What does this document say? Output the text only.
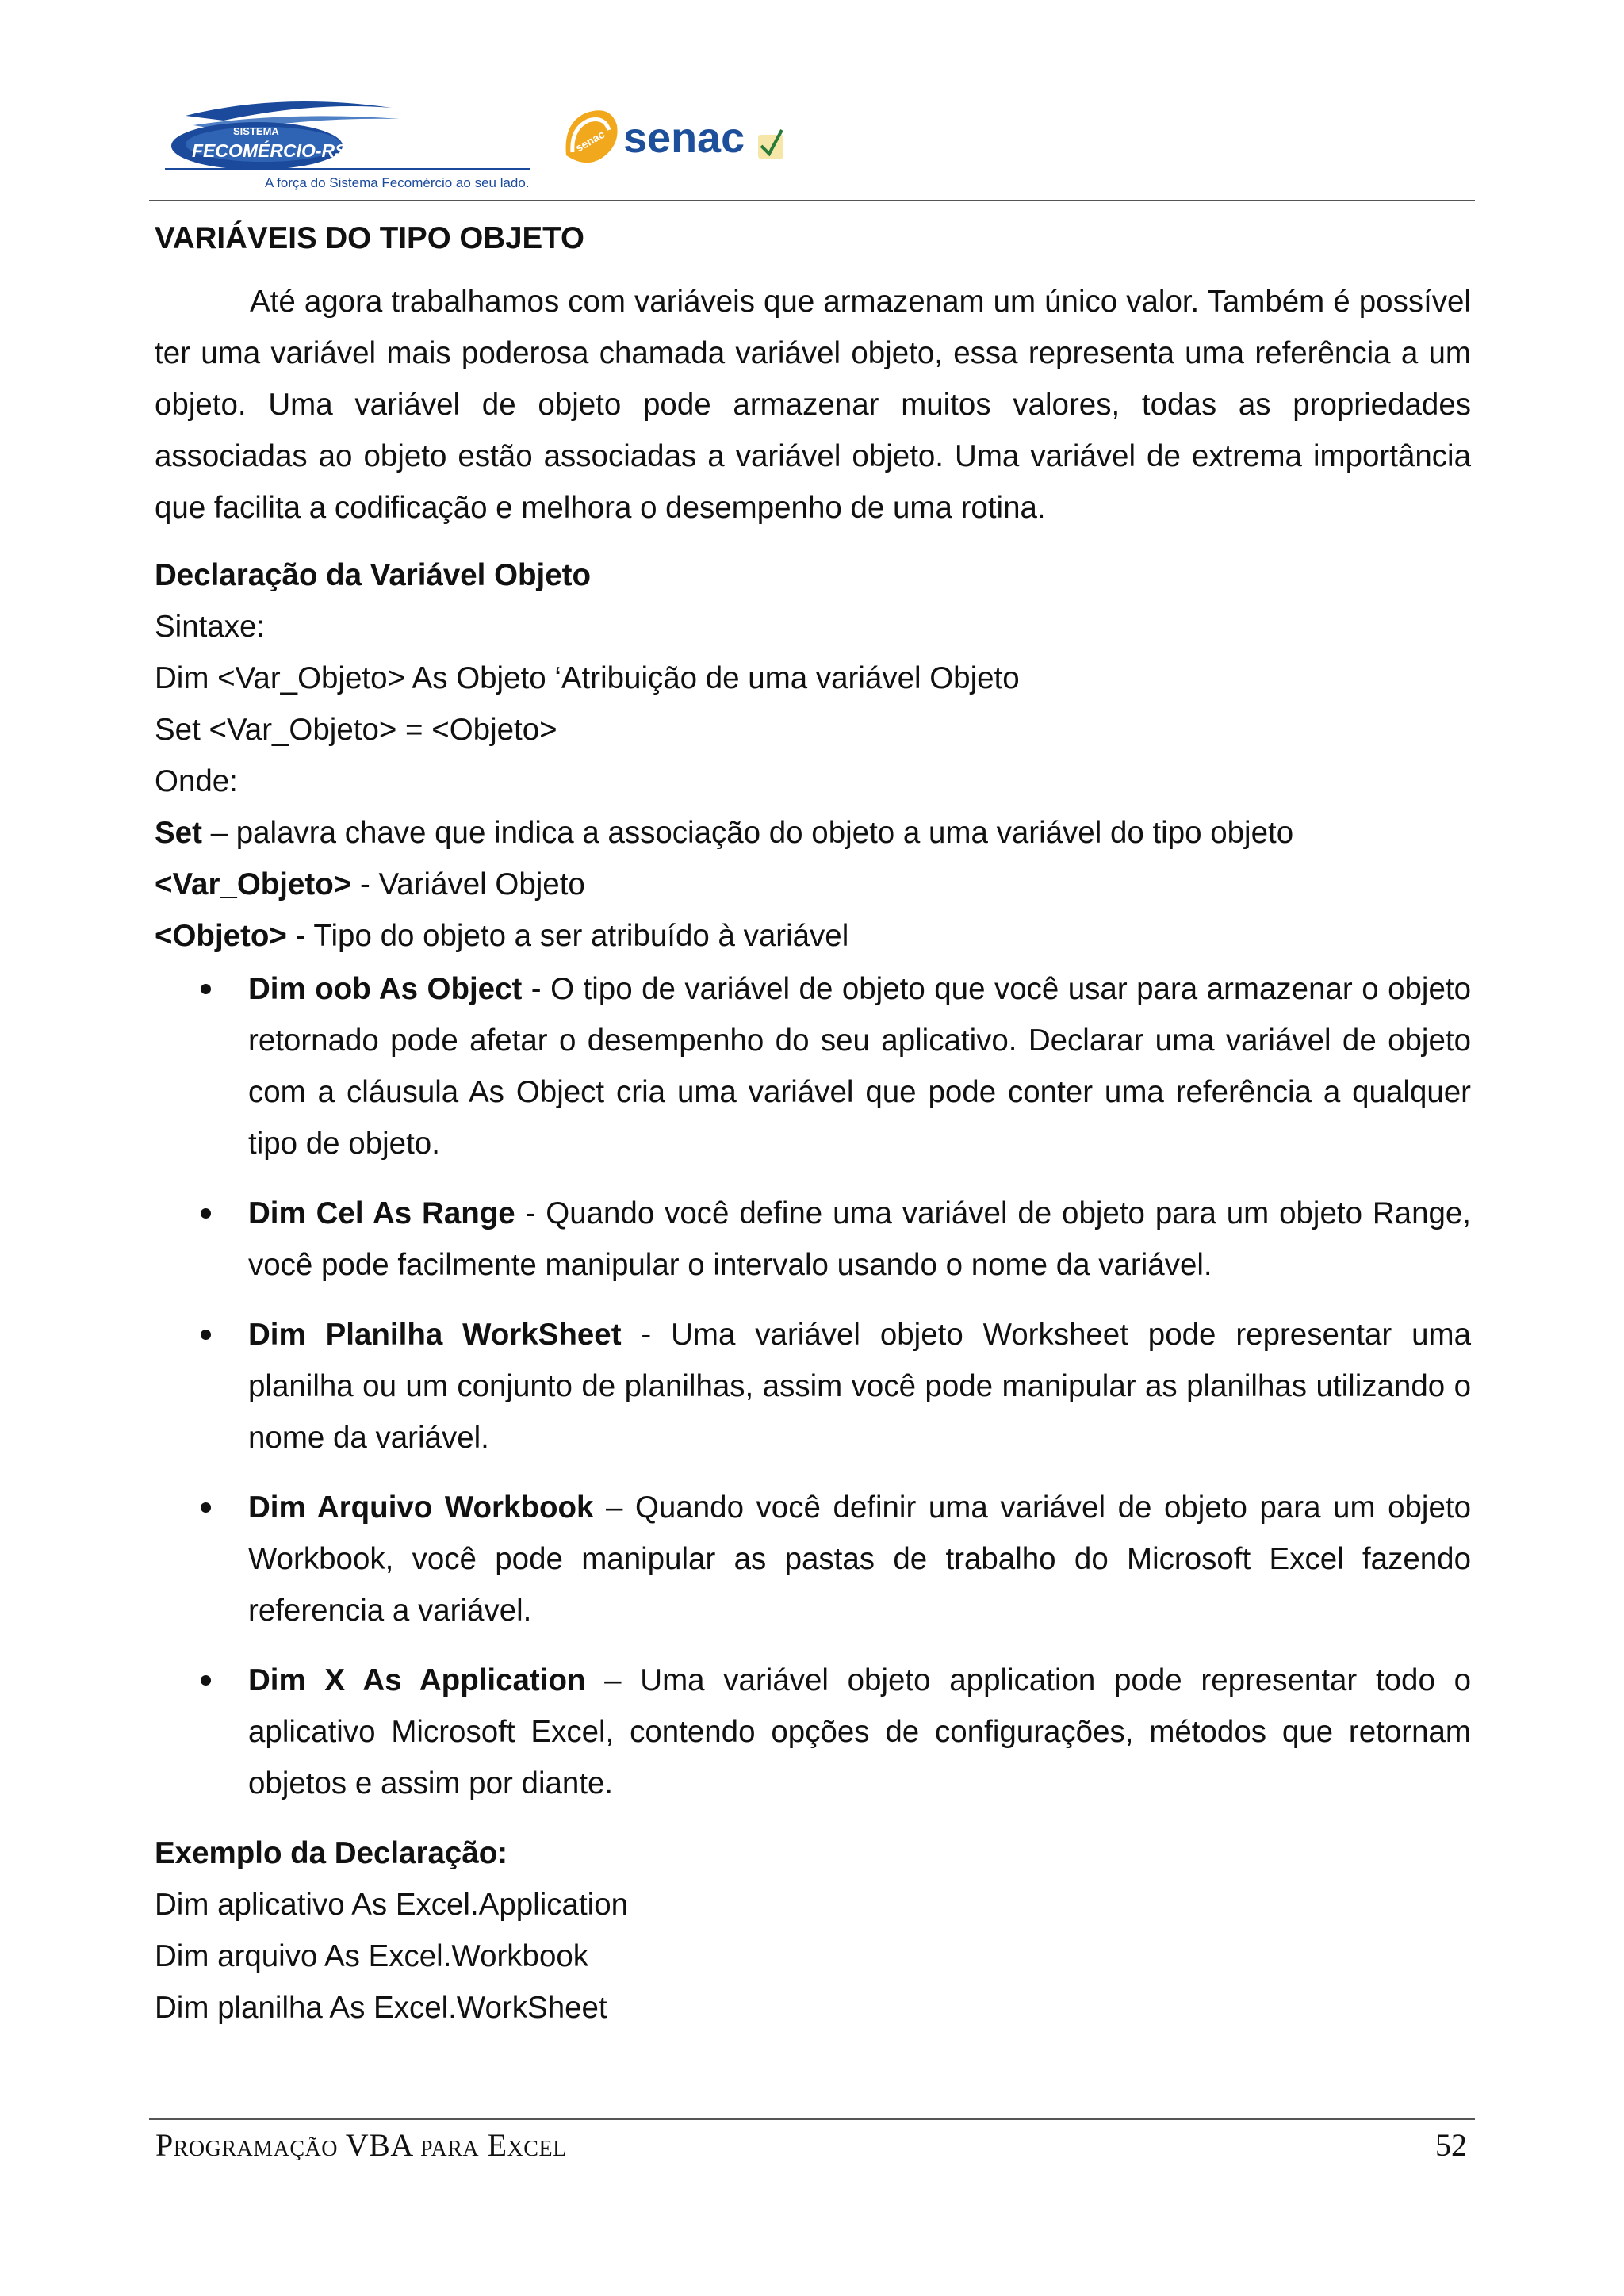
SISTEMA
FECOMÉRCIO-RS
A força do Sistema Fecomércio ao seu lado.
senac senac

VARIÁVEIS DO TIPO OBJETO

Até agora trabalhamos com variáveis que armazenam um único valor. Também é possível ter uma variável mais poderosa chamada variável objeto, essa representa uma referência a um objeto. Uma variável de objeto pode armazenar muitos valores, todas as propriedades associadas ao objeto estão associadas a variável objeto. Uma variável de extrema importância que facilita a codificação e melhora o desempenho de uma rotina.

Declaração da Variável Objeto

Sintaxe:

Dim <Var_Objeto> As Objeto ‘Atribuição de uma variável Objeto

Set <Var_Objeto> = <Objeto>

Onde:

Set – palavra chave que indica a associação do objeto a uma variável do tipo objeto

<Var_Objeto> - Variável Objeto

<Objeto> - Tipo do objeto a ser atribuído à variável

Dim oob As Object - O tipo de variável de objeto que você usar para armazenar o objeto retornado pode afetar o desempenho do seu aplicativo. Declarar uma variável de objeto com a cláusula As Object cria uma variável que pode conter uma referência a qualquer tipo de objeto.
Dim Cel As Range - Quando você define uma variável de objeto para um objeto Range, você pode facilmente manipular o intervalo usando o nome da variável.
Dim Planilha WorkSheet - Uma variável objeto Worksheet pode representar uma planilha ou um conjunto de planilhas, assim você pode manipular as planilhas utilizando o nome da variável.
Dim Arquivo Workbook – Quando você definir uma variável de objeto para um objeto Workbook, você pode manipular as pastas de trabalho do Microsoft Excel fazendo referencia a variável.
Dim X As Application – Uma variável objeto application pode representar todo o aplicativo Microsoft Excel, contendo opções de configurações, métodos que retornam objetos e assim por diante.

Exemplo da Declaração:

Dim aplicativo As Excel.Application

Dim arquivo As Excel.Workbook

Dim planilha As Excel.WorkSheet

Programação VBA para Excel	52
